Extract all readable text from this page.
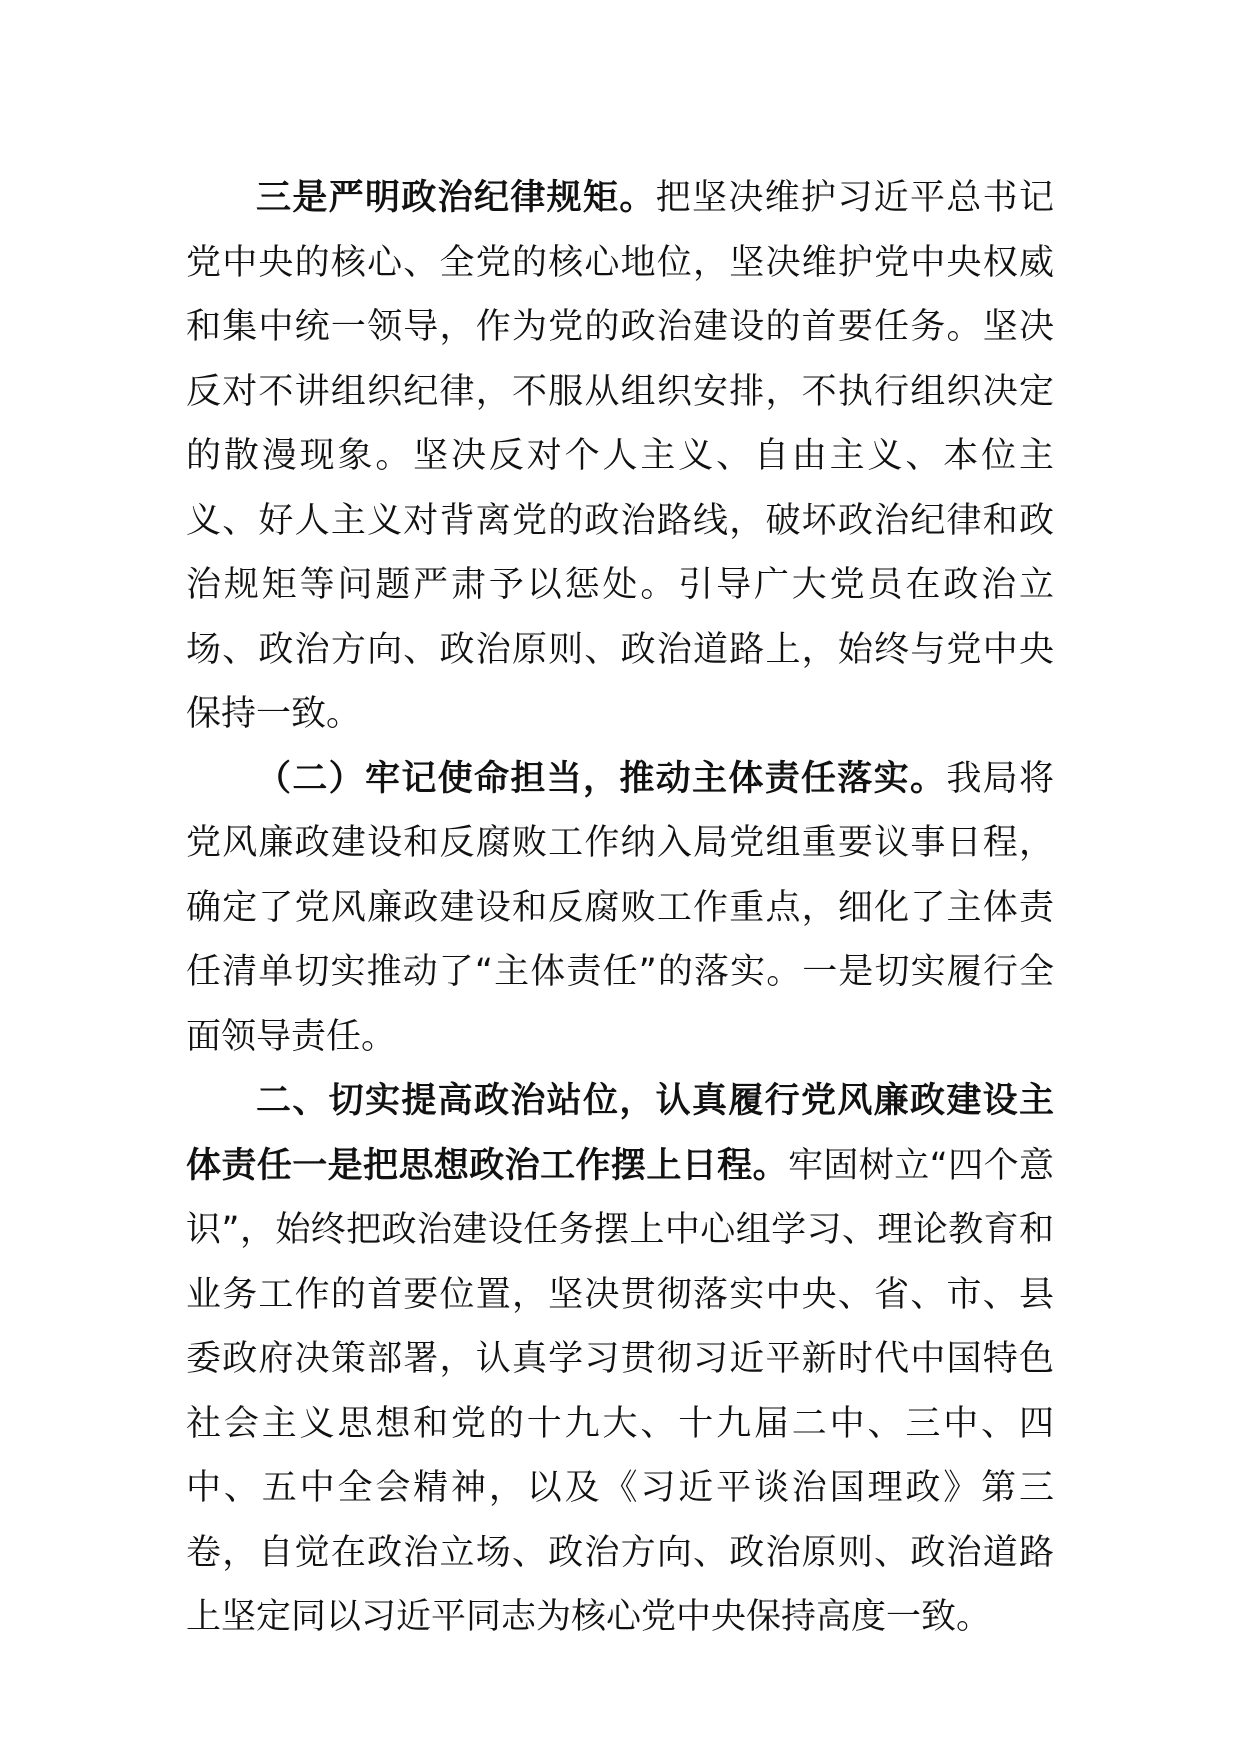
三是严明政治纪律规矩。把坚决维护习近平总书记党中央的核心、全党的核心地位，坚决维护党中央权威和集中统一领导，作为党的政治建设的首要任务。坚决反对不讲组织纪律，不服从组织安排，不执行组织决定的散漫现象。坚决反对个人主义、自由主义、本位主义、好人主义对背离党的政治路线，破坏政治纪律和政治规矩等问题严肃予以惩处。引导广大党员在政治立场、政治方向、政治原则、政治道路上，始终与党中央保持一致。

（二）牢记使命担当，推动主体责任落实。我局将党风廉政建设和反腐败工作纳入局党组重要议事日程，确定了党风廉政建设和反腐败工作重点，细化了主体责任清单切实推动了“主体责任”的落实。一是切实履行全面领导责任。

二、切实提高政治站位，认真履行党风廉政建设主体责任一是把思想政治工作摆上日程。牢固树立“四个意识”，始终把政治建设任务摆上中心组学习、理论教育和业务工作的首要位置，坚决贯彻落实中央、省、市、县委政府决策部署，认真学习贯彻习近平新时代中国特色社会主义思想和党的十九大、十九届二中、三中、四中、五中全会精神，以及《习近平谈治国理政》第三卷，自觉在政治立场、政治方向、政治原则、政治道路上坚定同以习近平同志为核心党中央保持高度一致。
